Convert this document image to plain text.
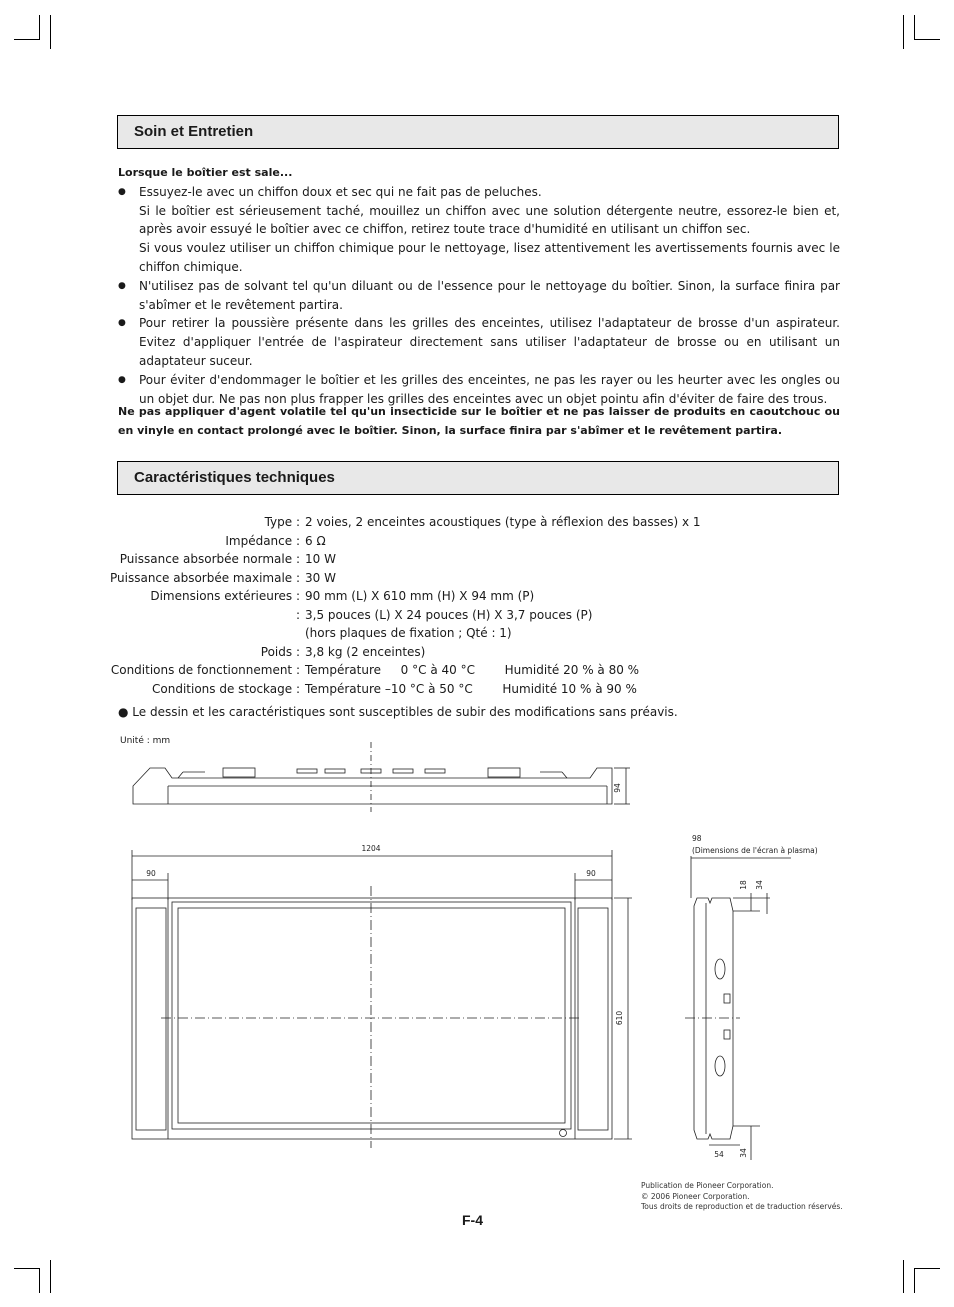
Soin et Entretien
Lorsque le boîtier est sale...

● Essuyez-le avec un chiffon doux et sec qui ne fait pas de peluches.

Si le boîtier est sérieusement taché, mouillez un chiffon avec une solution détergente neutre, essorez-le bien et, après avoir essuyé le boîtier avec ce chiffon, retirez toute trace d'humidité en utilisant un chiffon sec.

Si vous voulez utiliser un chiffon chimique pour le nettoyage, lisez attentivement les avertissements fournis avec le chiffon chimique.

● N'utilisez pas de solvant tel qu'un diluant ou de l'essence pour le nettoyage du boîtier. Sinon, la surface finira par s'abîmer et le revêtement partira.

● Pour retirer la poussière présente dans les grilles des enceintes, utilisez l'adaptateur de brosse d'un aspirateur. Evitez d'appliquer l'entrée de l'aspirateur directement sans utiliser l'adaptateur de brosse ou en utilisant un adaptateur suceur.

● Pour éviter d'endommager le boîtier et les grilles des enceintes, ne pas les rayer ou les heurter avec les ongles ou un objet dur. Ne pas non plus frapper les grilles des enceintes avec un objet pointu afin d'éviter de faire des trous.

Ne pas appliquer d'agent volatile tel qu'un insecticide sur le boîtier et ne pas laisser de produits en caoutchouc ou en vinyle en contact prolongé avec le boîtier. Sinon, la surface finira par s'abîmer et le revêtement partira.
Caractéristiques techniques
Type : 2 voies, 2 enceintes acoustiques (type à réflexion des basses) x 1
Impédance : 6 Ω
Puissance absorbée normale : 10 W
Puissance absorbée maximale : 30 W
Dimensions extérieures : 90 mm (L) X 610 mm (H) X 94 mm (P)
: 3,5 pouces (L) X 24 pouces (H) X 3,7 pouces (P)
(hors plaques de fixation ; Qté : 1)
Poids : 3,8 kg (2 enceintes)
Conditions de fonctionnement : Température 0 °C à 40 °C Humidité 20 % à 80 %
Conditions de stockage : Température –10 °C à 50 °C Humidité 10 % à 90 %
● Le dessin et les caractéristiques sont susceptibles de subir des modifications sans préavis.
Unité : mm
94
1204
90	90
610
98
(Dimensions de l'écran à plasma)
18 34
54 34
Publication de Pioneer Corporation.
© 2006 Pioneer Corporation.
Tous droits de reproduction et de traduction réservés.
F-4
